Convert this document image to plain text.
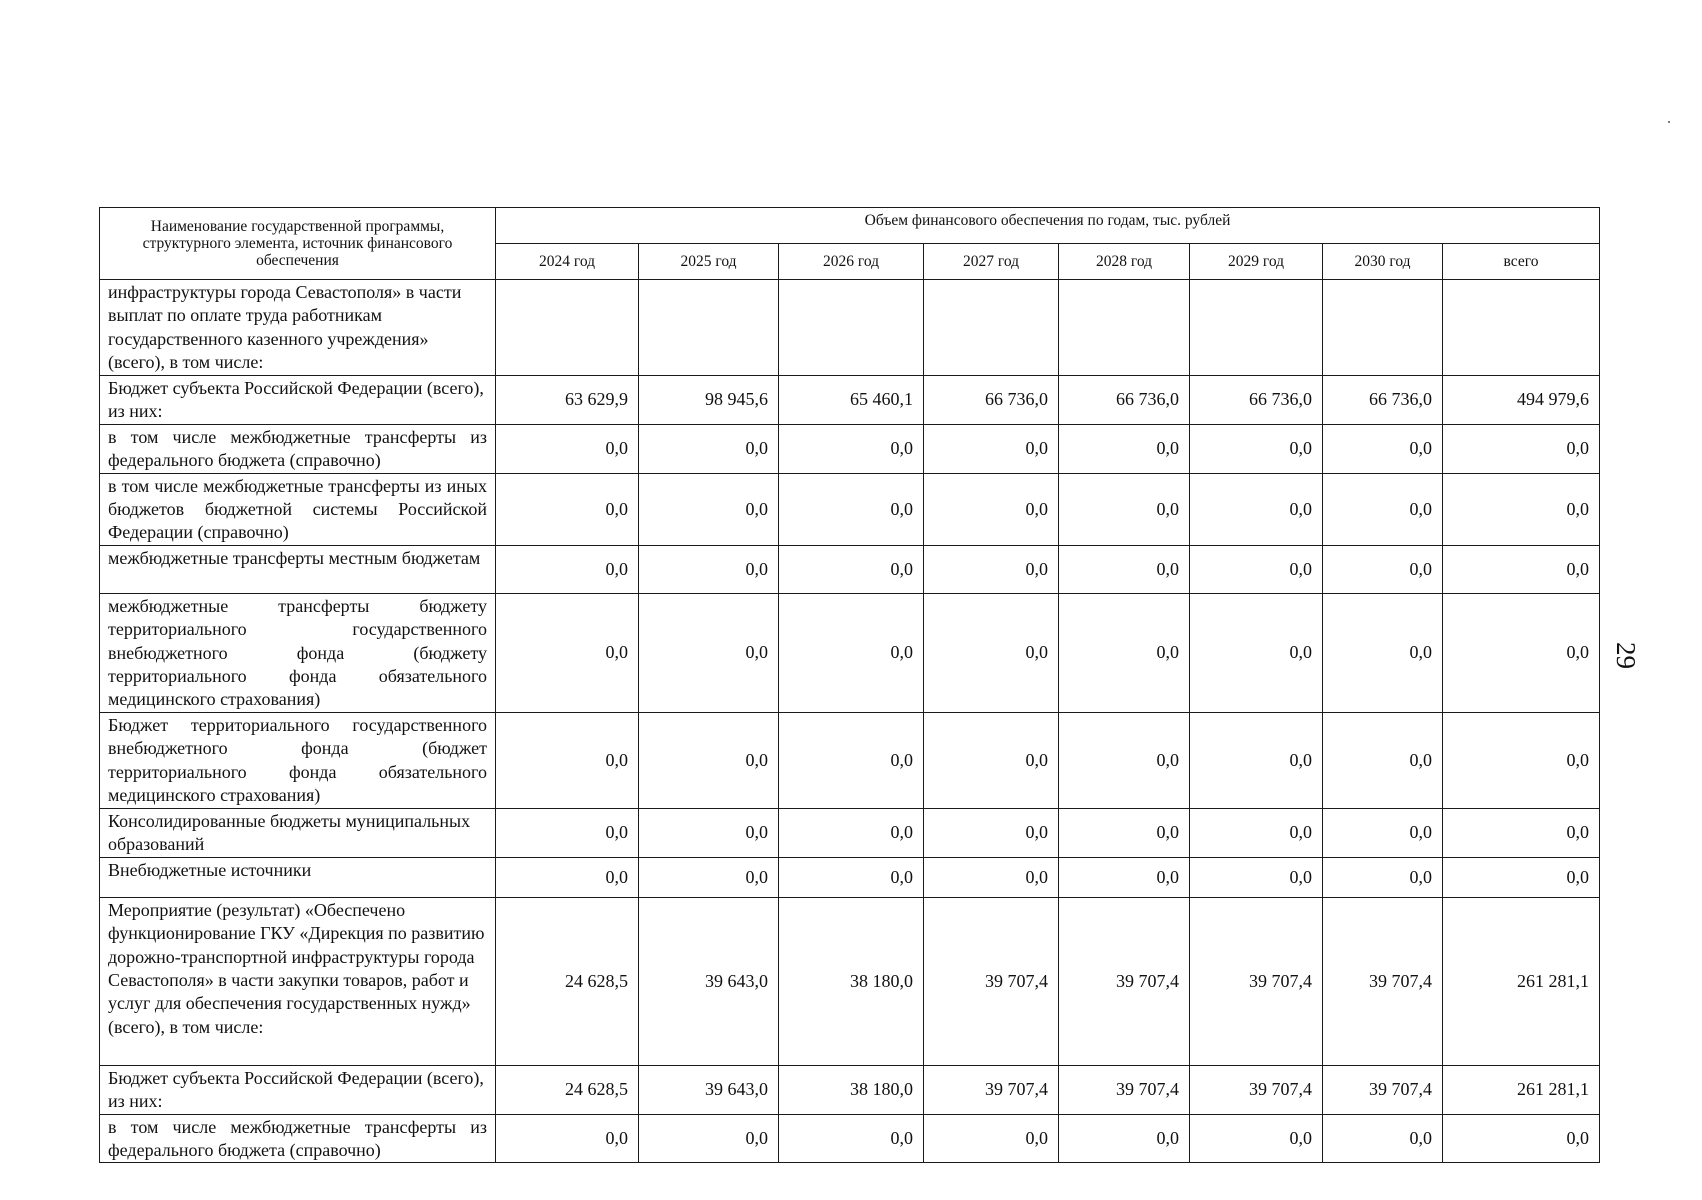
Наименование государственной программы, структурного элемента, источник финансового обеспечения	Объем финансового обеспечения по годам, тыс. рублей							
	2024 год	2025 год	2026 год	2027 год	2028 год	2029 год	2030 год	всего
инфраструктуры города Севастополя» в части выплат по оплате труда работникам государственного казенного учреждения» (всего), в том числе:								
Бюджет субъекта Российской Федерации (всего), из них:	63 629,9	98 945,6	65 460,1	66 736,0	66 736,0	66 736,0	66 736,0	494 979,6
в том числе межбюджетные трансферты из федерального бюджета (справочно)	0,0	0,0	0,0	0,0	0,0	0,0	0,0	0,0
в том числе межбюджетные трансферты из иных бюджетов бюджетной системы Российской Федерации (справочно)	0,0	0,0	0,0	0,0	0,0	0,0	0,0	0,0
межбюджетные трансферты местным бюджетам	0,0	0,0	0,0	0,0	0,0	0,0	0,0	0,0
межбюджетные трансферты бюджету территориального государственного внебюджетного фонда (бюджету территориального фонда обязательного медицинского страхования)	0,0	0,0	0,0	0,0	0,0	0,0	0,0	0,0
Бюджет территориального государственного внебюджетного фонда (бюджет территориального фонда обязательного медицинского страхования)	0,0	0,0	0,0	0,0	0,0	0,0	0,0	0,0
Консолидированные бюджеты муниципальных образований	0,0	0,0	0,0	0,0	0,0	0,0	0,0	0,0
Внебюджетные источники	0,0	0,0	0,0	0,0	0,0	0,0	0,0	0,0
Мероприятие (результат) «Обеспечено функционирование ГКУ «Дирекция по развитию дорожно-транспортной инфраструктуры города Севастополя» в части закупки товаров, работ и услуг для обеспечения государственных нужд» (всего), в том числе:	24 628,5	39 643,0	38 180,0	39 707,4	39 707,4	39 707,4	39 707,4	261 281,1
Бюджет субъекта Российской Федерации (всего), из них:	24 628,5	39 643,0	38 180,0	39 707,4	39 707,4	39 707,4	39 707,4	261 281,1
в том числе межбюджетные трансферты из федерального бюджета (справочно)	0,0	0,0	0,0	0,0	0,0	0,0	0,0	0,0

29
